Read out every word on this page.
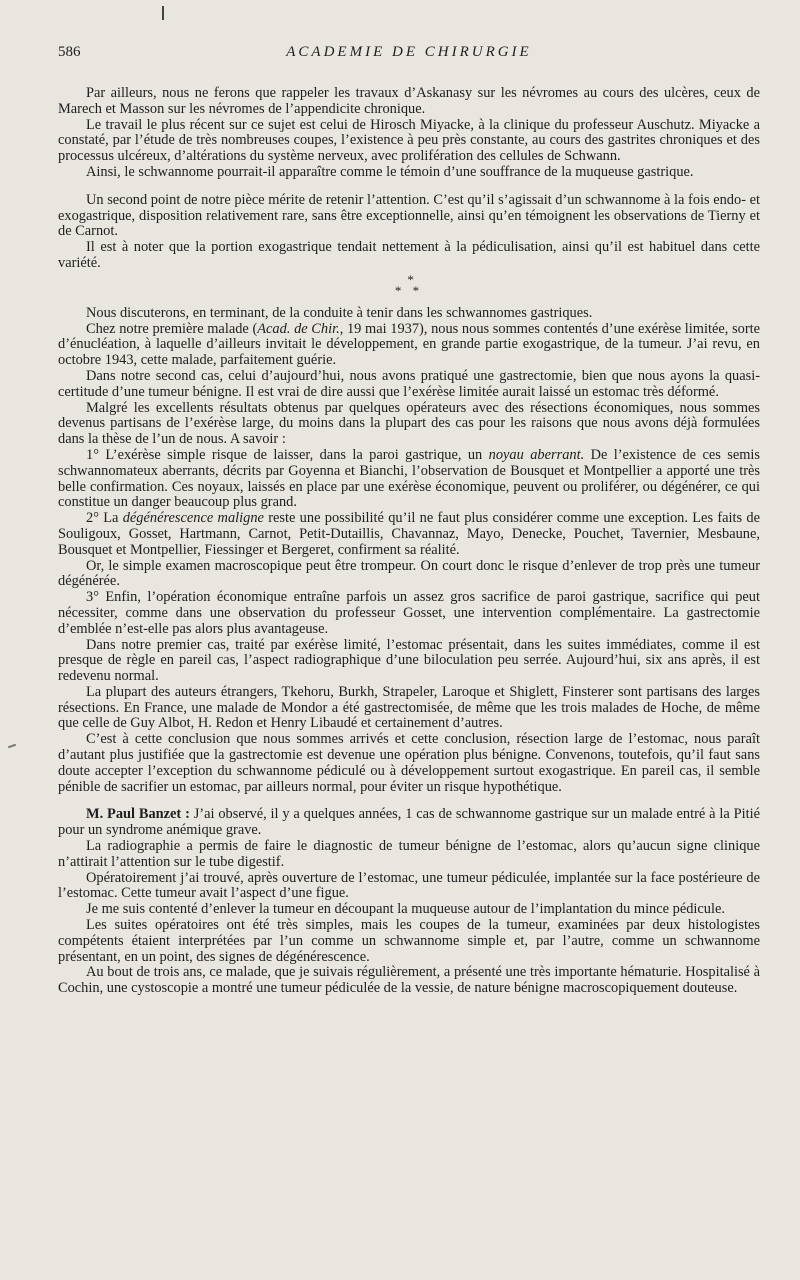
586	ACADEMIE DE CHIRURGIE

Par ailleurs, nous ne ferons que rappeler les travaux d’Askanasy sur les névromes au cours des ulcères, ceux de Marech et Masson sur les névromes de l’appendicite chronique.

Le travail le plus récent sur ce sujet est celui de Hirosch Miyacke, à la clinique du professeur Auschutz. Miyacke a constaté, par l’étude de très nombreuses coupes, l’existence à peu près constante, au cours des gastrites chroniques et des processus ulcéreux, d’altérations du système nerveux, avec prolifération des cellules de Schwann.

Ainsi, le schwannome pourrait-il apparaître comme le témoin d’une souffrance de la muqueuse gastrique.

Un second point de notre pièce mérite de retenir l’attention. C’est qu’il s’agissait d’un schwannome à la fois endo- et exogastrique, disposition relativement rare, sans être exceptionnelle, ainsi qu’en témoignent les observations de Tierny et de Carnot.

Il est à noter que la portion exogastrique tendait nettement à la pédiculisation, ainsi qu’il est habituel dans cette variété.

*
* *

Nous discuterons, en terminant, de la conduite à tenir dans les schwannomes gastriques.

Chez notre première malade (Acad. de Chir., 19 mai 1937), nous nous sommes contentés d’une exérèse limitée, sorte d’énucléation, à laquelle d’ailleurs invitait le développement, en grande partie exogastrique, de la tumeur. J’ai revu, en octobre 1943, cette malade, parfaitement guérie.

Dans notre second cas, celui d’aujourd’hui, nous avons pratiqué une gastrectomie, bien que nous ayons la quasi-certitude d’une tumeur bénigne. Il est vrai de dire aussi que l’exérèse limitée aurait laissé un estomac très déformé.

Malgré les excellents résultats obtenus par quelques opérateurs avec des résections économiques, nous sommes devenus partisans de l’exérèse large, du moins dans la plupart des cas pour les raisons que nous avons déjà formulées dans la thèse de l’un de nous. A savoir :

1° L’exérèse simple risque de laisser, dans la paroi gastrique, un noyau aberrant. De l’existence de ces semis schwannomateux aberrants, décrits par Goyenna et Bianchi, l’observation de Bousquet et Montpellier a apporté une très belle confirmation. Ces noyaux, laissés en place par une exérèse économique, peuvent ou proliférer, ou dégénérer, ce qui constitue un danger beaucoup plus grand.

2° La dégénérescence maligne reste une possibilité qu’il ne faut plus considérer comme une exception. Les faits de Souligoux, Gosset, Hartmann, Carnot, Petit-Dutaillis, Chavannaz, Mayo, Denecke, Pouchet, Tavernier, Mesbaune, Bousquet et Montpellier, Fiessinger et Bergeret, confirment sa réalité.

Or, le simple examen macroscopique peut être trompeur. On court donc le risque d’enlever de trop près une tumeur dégénérée.

3° Enfin, l’opération économique entraîne parfois un assez gros sacrifice de paroi gastrique, sacrifice qui peut nécessiter, comme dans une observation du professeur Gosset, une intervention complémentaire. La gastrectomie d’emblée n’est-elle pas alors plus avantageuse.

Dans notre premier cas, traité par exérèse limité, l’estomac présentait, dans les suites immédiates, comme il est presque de règle en pareil cas, l’aspect radiographique d’une biloculation peu serrée. Aujourd’hui, six ans après, il est redevenu normal.

La plupart des auteurs étrangers, Tkehoru, Burkh, Strapeler, Laroque et Shiglett, Finsterer sont partisans des larges résections. En France, une malade de Mondor a été gastrectomisée, de même que les trois malades de Hoche, de même que celle de Guy Albot, H. Redon et Henry Libaudé et certainement d’autres.

C’est à cette conclusion que nous sommes arrivés et cette conclusion, résection large de l’estomac, nous paraît d’autant plus justifiée que la gastrectomie est devenue une opération plus bénigne. Convenons, toutefois, qu’il faut sans doute accepter l’exception du schwannome pédiculé ou à développement surtout exogastrique. En pareil cas, il semble pénible de sacrifier un estomac, par ailleurs normal, pour éviter un risque hypothétique.

M. Paul Banzet : J’ai observé, il y a quelques années, 1 cas de schwannome gastrique sur un malade entré à la Pitié pour un syndrome anémique grave.

La radiographie a permis de faire le diagnostic de tumeur bénigne de l’estomac, alors qu’aucun signe clinique n’attirait l’attention sur le tube digestif.

Opératoirement j’ai trouvé, après ouverture de l’estomac, une tumeur pédiculée, implantée sur la face postérieure de l’estomac. Cette tumeur avait l’aspect d’une figue.

Je me suis contenté d’enlever la tumeur en découpant la muqueuse autour de l’implantation du mince pédicule.

Les suites opératoires ont été très simples, mais les coupes de la tumeur, examinées par deux histologistes compétents étaient interprétées par l’un comme un schwannome simple et, par l’autre, comme un schwannome présentant, en un point, des signes de dégénérescence.

Au bout de trois ans, ce malade, que je suivais régulièrement, a présenté une très importante hématurie. Hospitalisé à Cochin, une cystoscopie a montré une tumeur pédiculée de la vessie, de nature bénigne macroscopiquement douteuse.
